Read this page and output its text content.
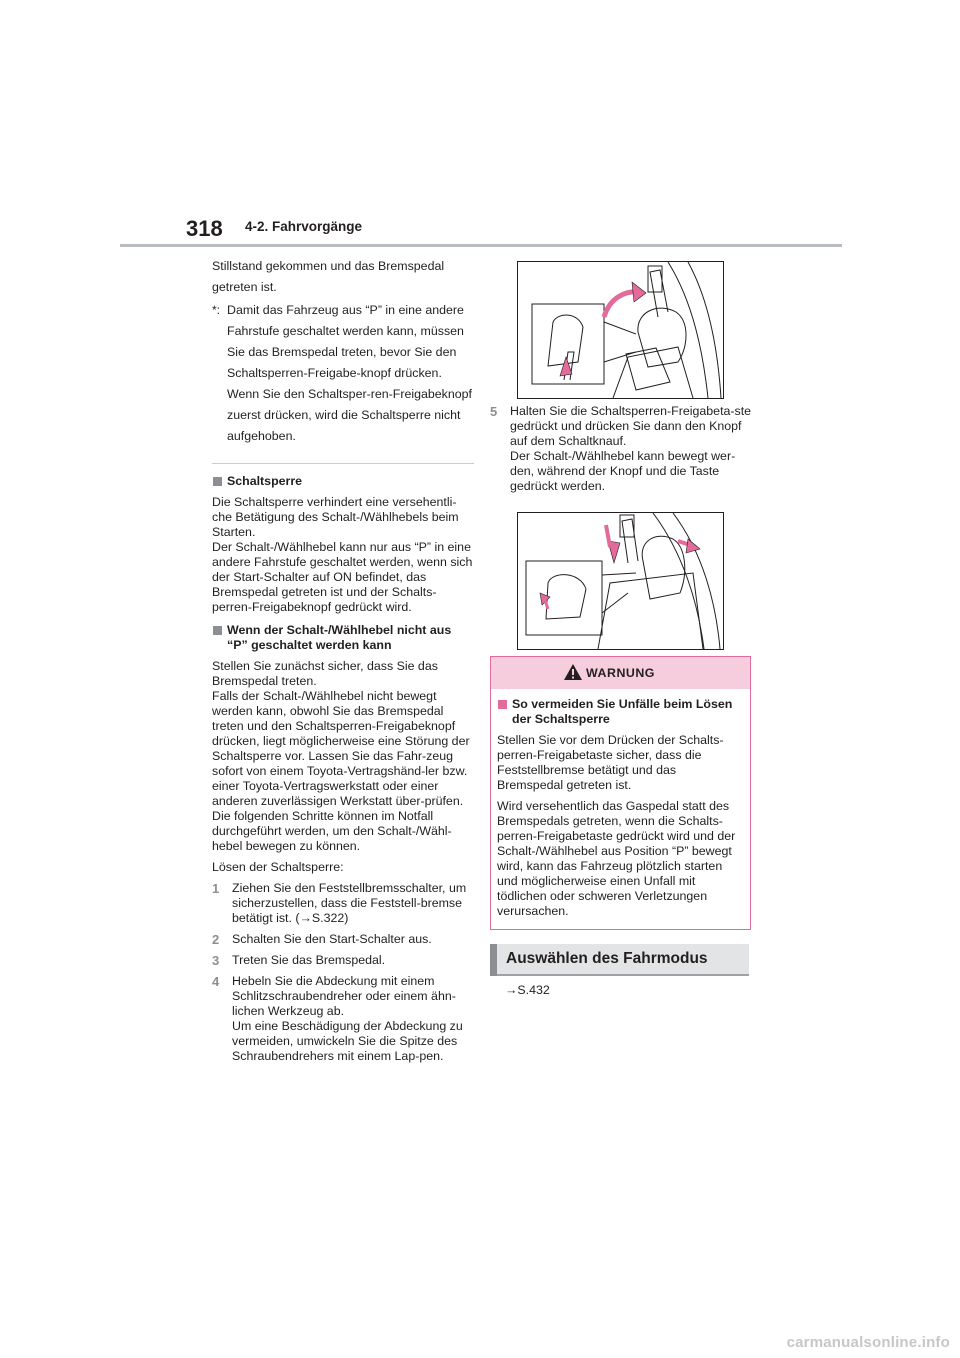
318 4-2. Fahrvorgänge

Stillstand gekommen und das Bremspedal getreten ist.

*: Damit das Fahrzeug aus “P” in eine andere Fahrstufe geschaltet werden kann, müssen Sie das Bremspedal treten, bevor Sie den Schaltsperren-Freigabe-knopf drücken. Wenn Sie den Schaltsper-ren-Freigabeknopf zuerst drücken, wird die Schaltsperre nicht aufgehoben.
Schaltsperre

Die Schaltsperre verhindert eine versehentli-che Betätigung des Schalt-/Wählhebels beim Starten.

Der Schalt-/Wählhebel kann nur aus “P” in eine andere Fahrstufe geschaltet werden, wenn sich der Start-Schalter auf ON befindet, das Bremspedal getreten ist und der Schalts-perren-Freigabeknopf gedrückt wird.

Wenn der Schalt-/Wählhebel nicht aus “P” geschaltet werden kann

Stellen Sie zunächst sicher, dass Sie das Bremspedal treten.

Falls der Schalt-/Wählhebel nicht bewegt werden kann, obwohl Sie das Bremspedal treten und den Schaltsperren-Freigabeknopf drücken, liegt möglicherweise eine Störung der Schaltsperre vor. Lassen Sie das Fahr-zeug sofort von einem Toyota-Vertragshänd-ler bzw. einer Toyota-Vertragswerkstatt oder einer anderen zuverlässigen Werkstatt über-prüfen.

Die folgenden Schritte können im Notfall durchgeführt werden, um den Schalt-/Wähl-hebel bewegen zu können.

Lösen der Schaltsperre:

1	Ziehen Sie den Feststellbremsschalter, um sicherzustellen, dass die Feststell-bremse betätigt ist. (→S.322)
2	Schalten Sie den Start-Schalter aus.
3	Treten Sie das Bremspedal.
4	Hebeln Sie die Abdeckung mit einem Schlitzschraubendreher oder einem ähn-lichen Werkzeug ab.
Um eine Beschädigung der Abdeckung zu vermeiden, umwickeln Sie die Spitze des Schraubendrehers mit einem Lap-pen.
5	Halten Sie die Schaltsperren-Freigabeta-ste gedrückt und drücken Sie dann den Knopf auf dem Schaltknauf.
Der Schalt-/Wählhebel kann bewegt wer-den, während der Knopf und die Taste gedrückt werden.
WARNUNG
So vermeiden Sie Unfälle beim Lösen der Schaltsperre

Stellen Sie vor dem Drücken der Schalts-perren-Freigabetaste sicher, dass die Feststellbremse betätigt und das Bremspedal getreten ist.

Wird versehentlich das Gaspedal statt des Bremspedals getreten, wenn die Schalts-perren-Freigabetaste gedrückt wird und der Schalt-/Wählhebel aus Position “P” bewegt wird, kann das Fahrzeug plötzlich starten und möglicherweise einen Unfall mit tödlichen oder schweren Verletzungen verursachen.

Auswählen des Fahrmodus
→S.432
carmanualsonline.info
